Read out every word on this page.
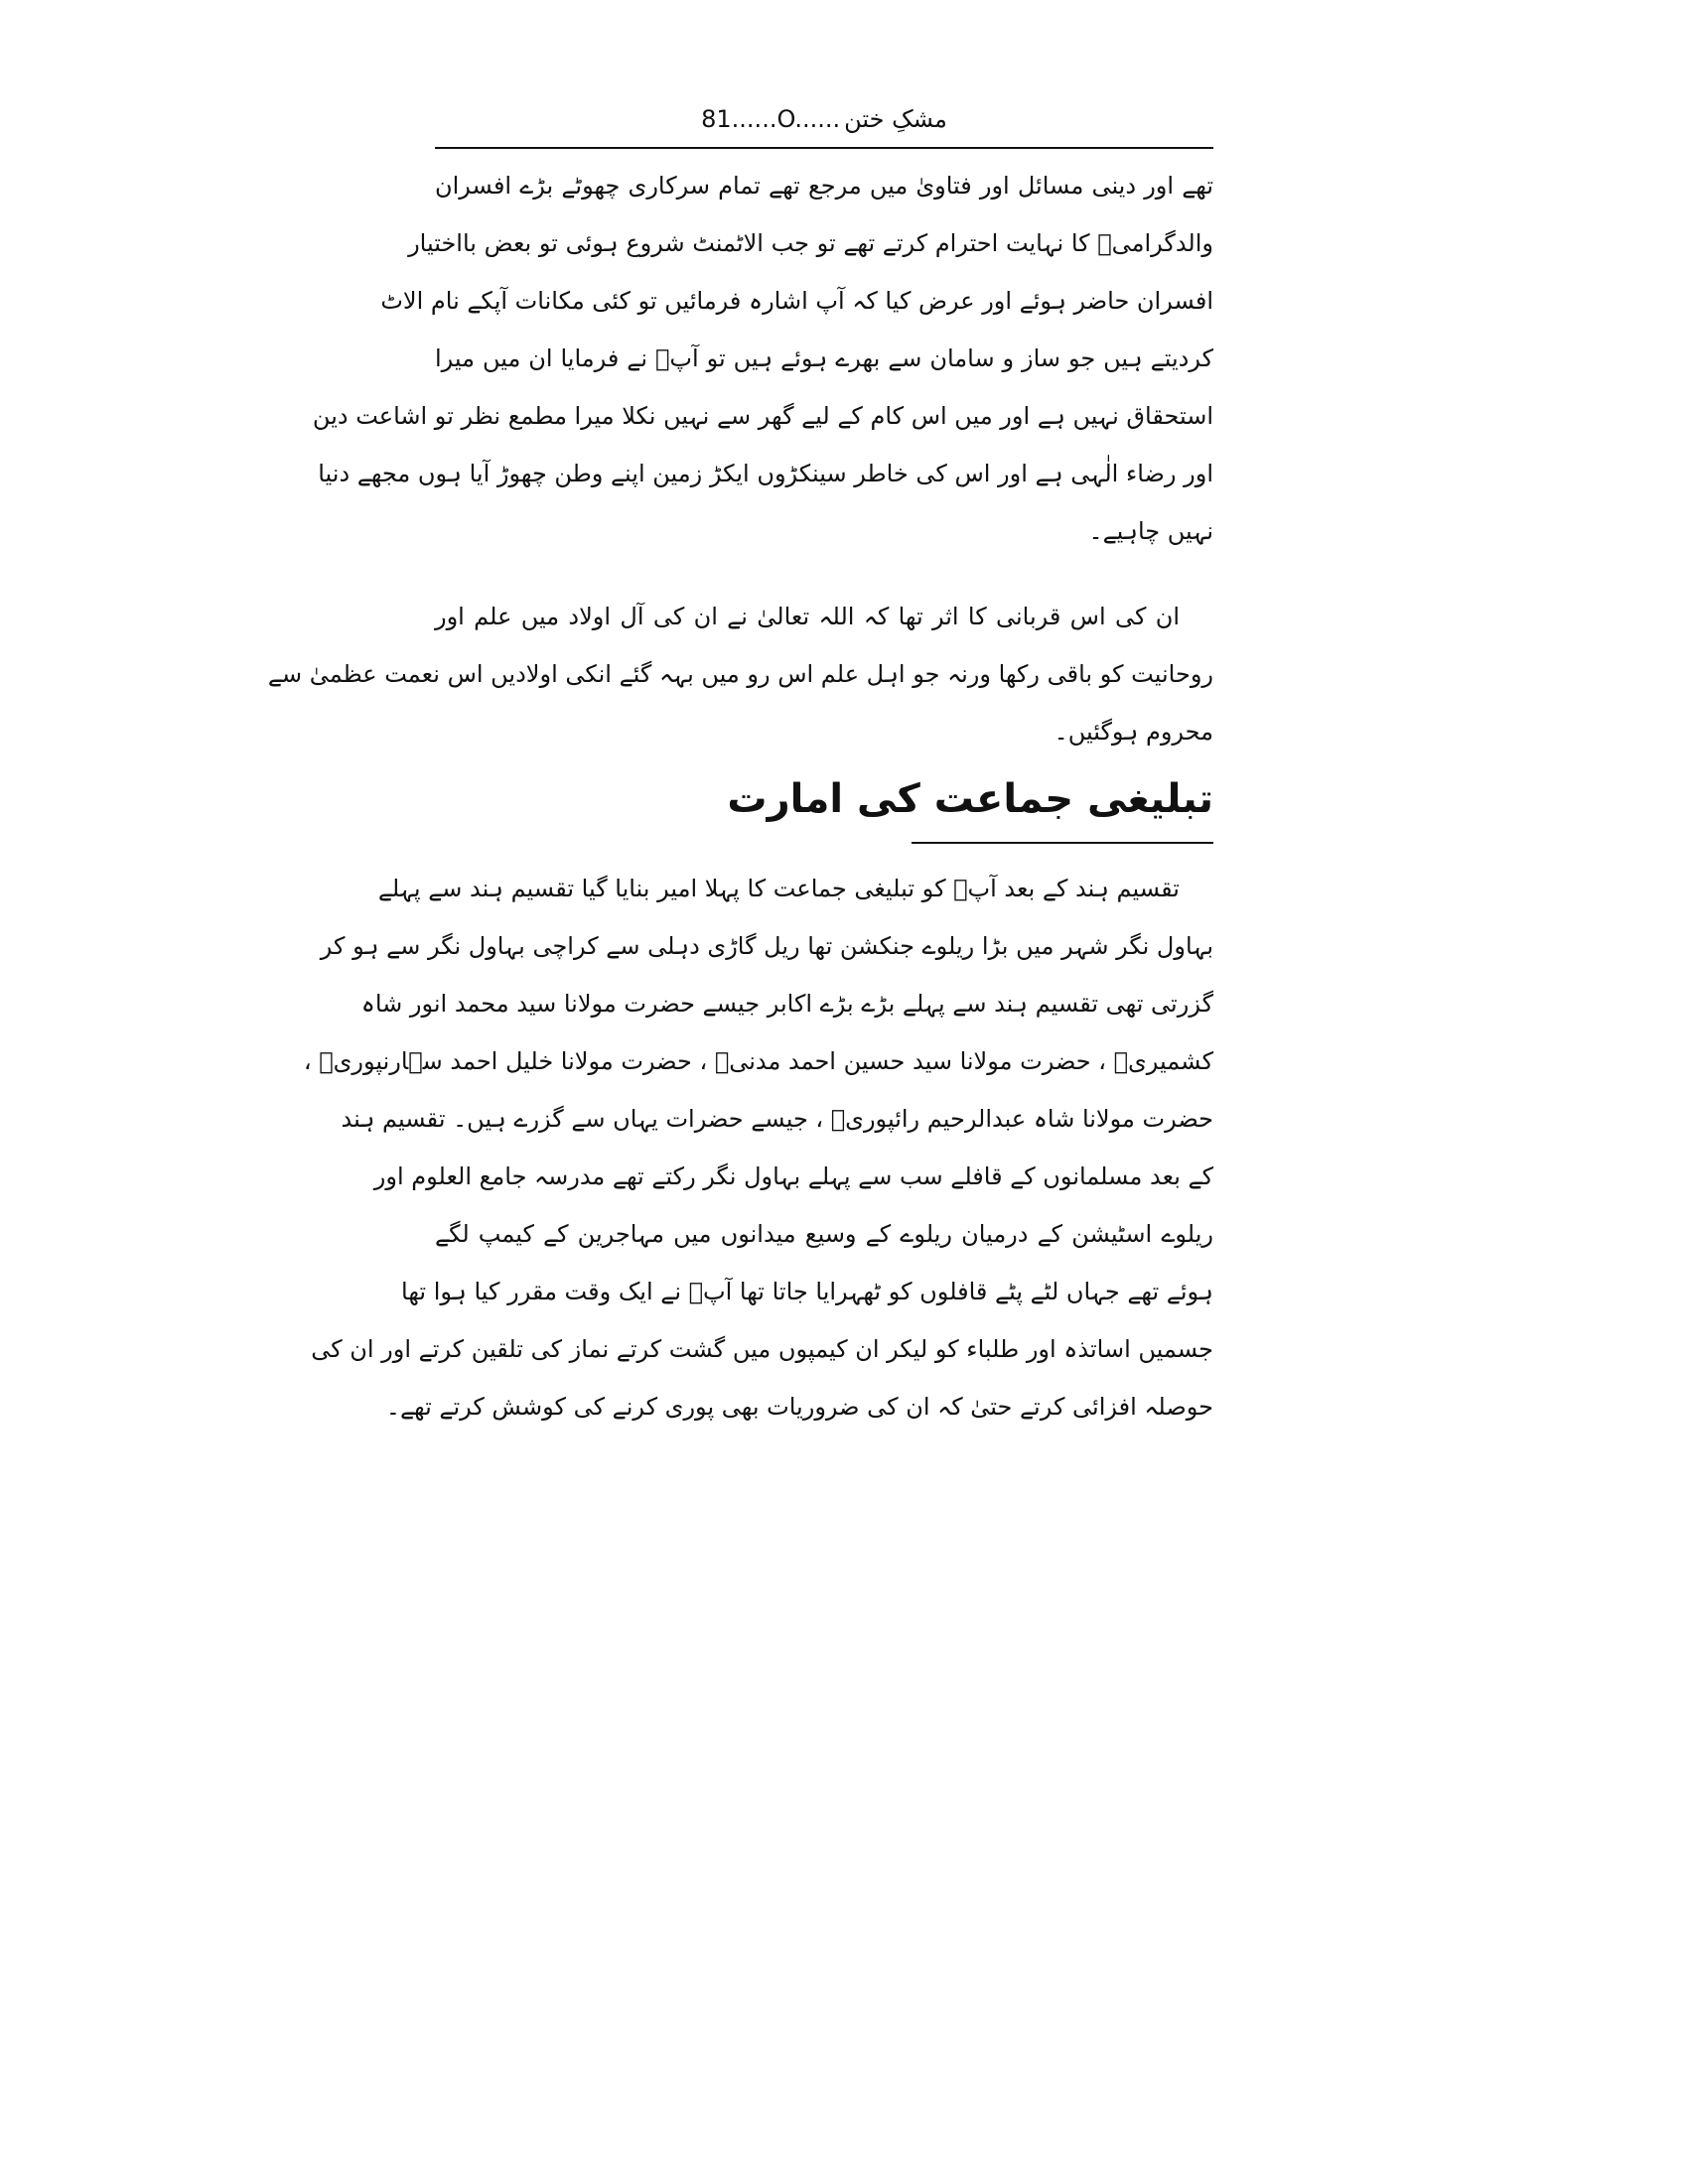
81 ......O...... مشکِ ختن
تھے اور دینی مسائل اور فتاویٰ میں مرجع تھے تمام سرکاری چھوٹے بڑے افسران
والدگرامیؒ کا نہایت احترام کرتے تھے تو جب الاٹمنٹ شروع ہوئی تو بعض بااختیار
افسران حاضر ہوئے اور عرض کیا کہ آپ اشارہ فرمائیں تو کئی مکانات آپکے نام الاٹ
کردیتے ہیں جو ساز و سامان سے بھرے ہوئے ہیں تو آپؒ نے فرمایا ان میں میرا
استحقاق نہیں ہے اور میں اس کام کے لیے گھر سے نہیں نکلا میرا مطمع نظر تو اشاعت دین
اور رضاء الٰہی ہے اور اس کی خاطر سینکڑوں ایکڑ زمین اپنے وطن چھوڑ آیا ہوں مجھے دنیا
نہیں چاہیے۔
ان کی اس قربانی کا اثر تھا کہ اللہ تعالیٰ نے ان کی آل اولاد میں علم اور
روحانیت کو باقی رکھا ورنہ جو اہل علم اس رو میں بہہ گئے انکی اولادیں اس نعمت عظمیٰ سے
محروم ہوگئیں۔
تبلیغی جماعت کی امارت
تقسیم ہند کے بعد آپؒ کو تبلیغی جماعت کا پہلا امیر بنایا گیا تقسیم ہند سے پہلے
بہاول نگر شہر میں بڑا ریلوے جنکشن تھا ریل گاڑی دہلی سے کراچی بہاول نگر سے ہو کر
گزرتی تھی تقسیم ہند سے پہلے بڑے بڑے اکابر جیسے حضرت مولانا سید محمد انور شاہ
کشمیریؒ ، حضرت مولانا سید حسین احمد مدنیؒ ، حضرت مولانا خلیل احمد سہارنپوریؒ ،
حضرت مولانا شاہ عبدالرحیم رائپوریؒ ، جیسے حضرات یہاں سے گزرے ہیں۔ تقسیم ہند
کے بعد مسلمانوں کے قافلے سب سے پہلے بہاول نگر رکتے تھے مدرسہ جامع العلوم اور
ریلوے اسٹیشن کے درمیان ریلوے کے وسیع میدانوں میں مہاجرین کے کیمپ لگے
ہوئے تھے جہاں لٹے پٹے قافلوں کو ٹھہرایا جاتا تھا آپؒ نے ایک وقت مقرر کیا ہوا تھا
جسمیں اساتذہ اور طلباء کو لیکر ان کیمپوں میں گشت کرتے نماز کی تلقین کرتے اور ان کی
حوصلہ افزائی کرتے حتیٰ کہ ان کی ضروریات بھی پوری کرنے کی کوشش کرتے تھے۔
